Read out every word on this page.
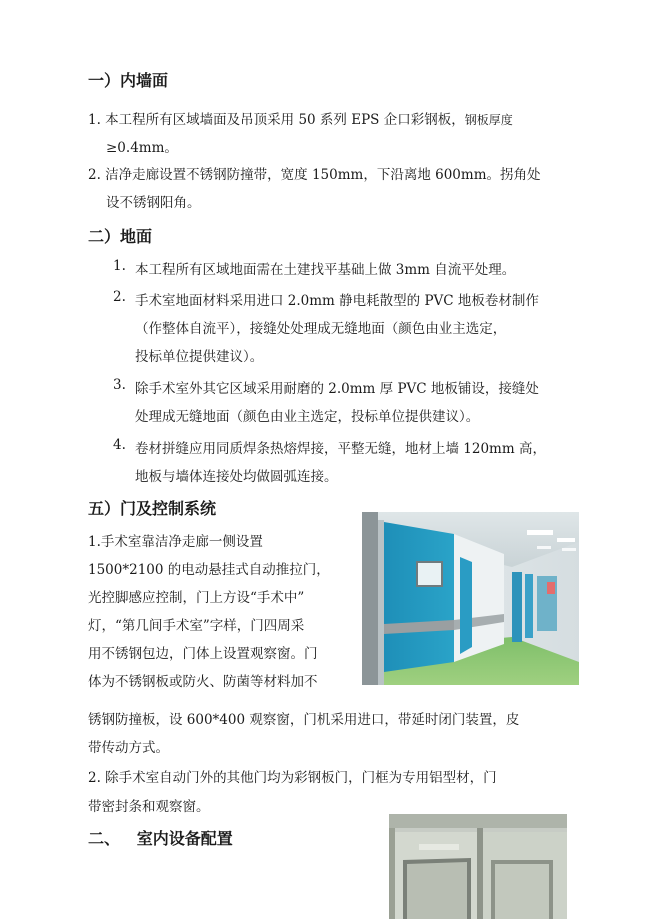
一）内墙面
1. 本工程所有区域墙面及吊顶采用 50 系列 EPS 企口彩钢板，钢板厚度
≥0.4mm。
2. 洁净走廊设置不锈钢防撞带，宽度 150mm，下沿离地 600mm。拐角处
设不锈钢阳角。
二）地面
1. 本工程所有区域地面需在土建找平基础上做 3mm 自流平处理。
2. 手术室地面材料采用进口 2.0mm 静电耗散型的 PVC 地板卷材制作
（作整体自流平），接缝处处理成无缝地面（颜色由业主选定，
投标单位提供建议）。
3. 除手术室外其它区域采用耐磨的 2.0mm 厚 PVC 地板铺设，接缝处
处理成无缝地面（颜色由业主选定，投标单位提供建议）。
4. 卷材拼缝应用同质焊条热熔焊接，平整无缝，地材上墙 120mm 高，
地板与墙体连接处均做圆弧连接。
五）门及控制系统
1.手术室靠洁净走廊一侧设置
1500*2100 的电动悬挂式自动推拉门，
光控脚感应控制，门上方设“手术中”
灯，“第几间手术室”字样，门四周采
用不锈钢包边，门体上设置观察窗。门
体为不锈钢板或防火、防菌等材料加不
锈钢防撞板，设 600*400 观察窗，门机采用进口，带延时闭门装置，皮
带传动方式。
2. 除手术室自动门外的其他门均为彩钢板门，门框为专用铝型材，门
带密封条和观察窗。
二、   室内设备配置
